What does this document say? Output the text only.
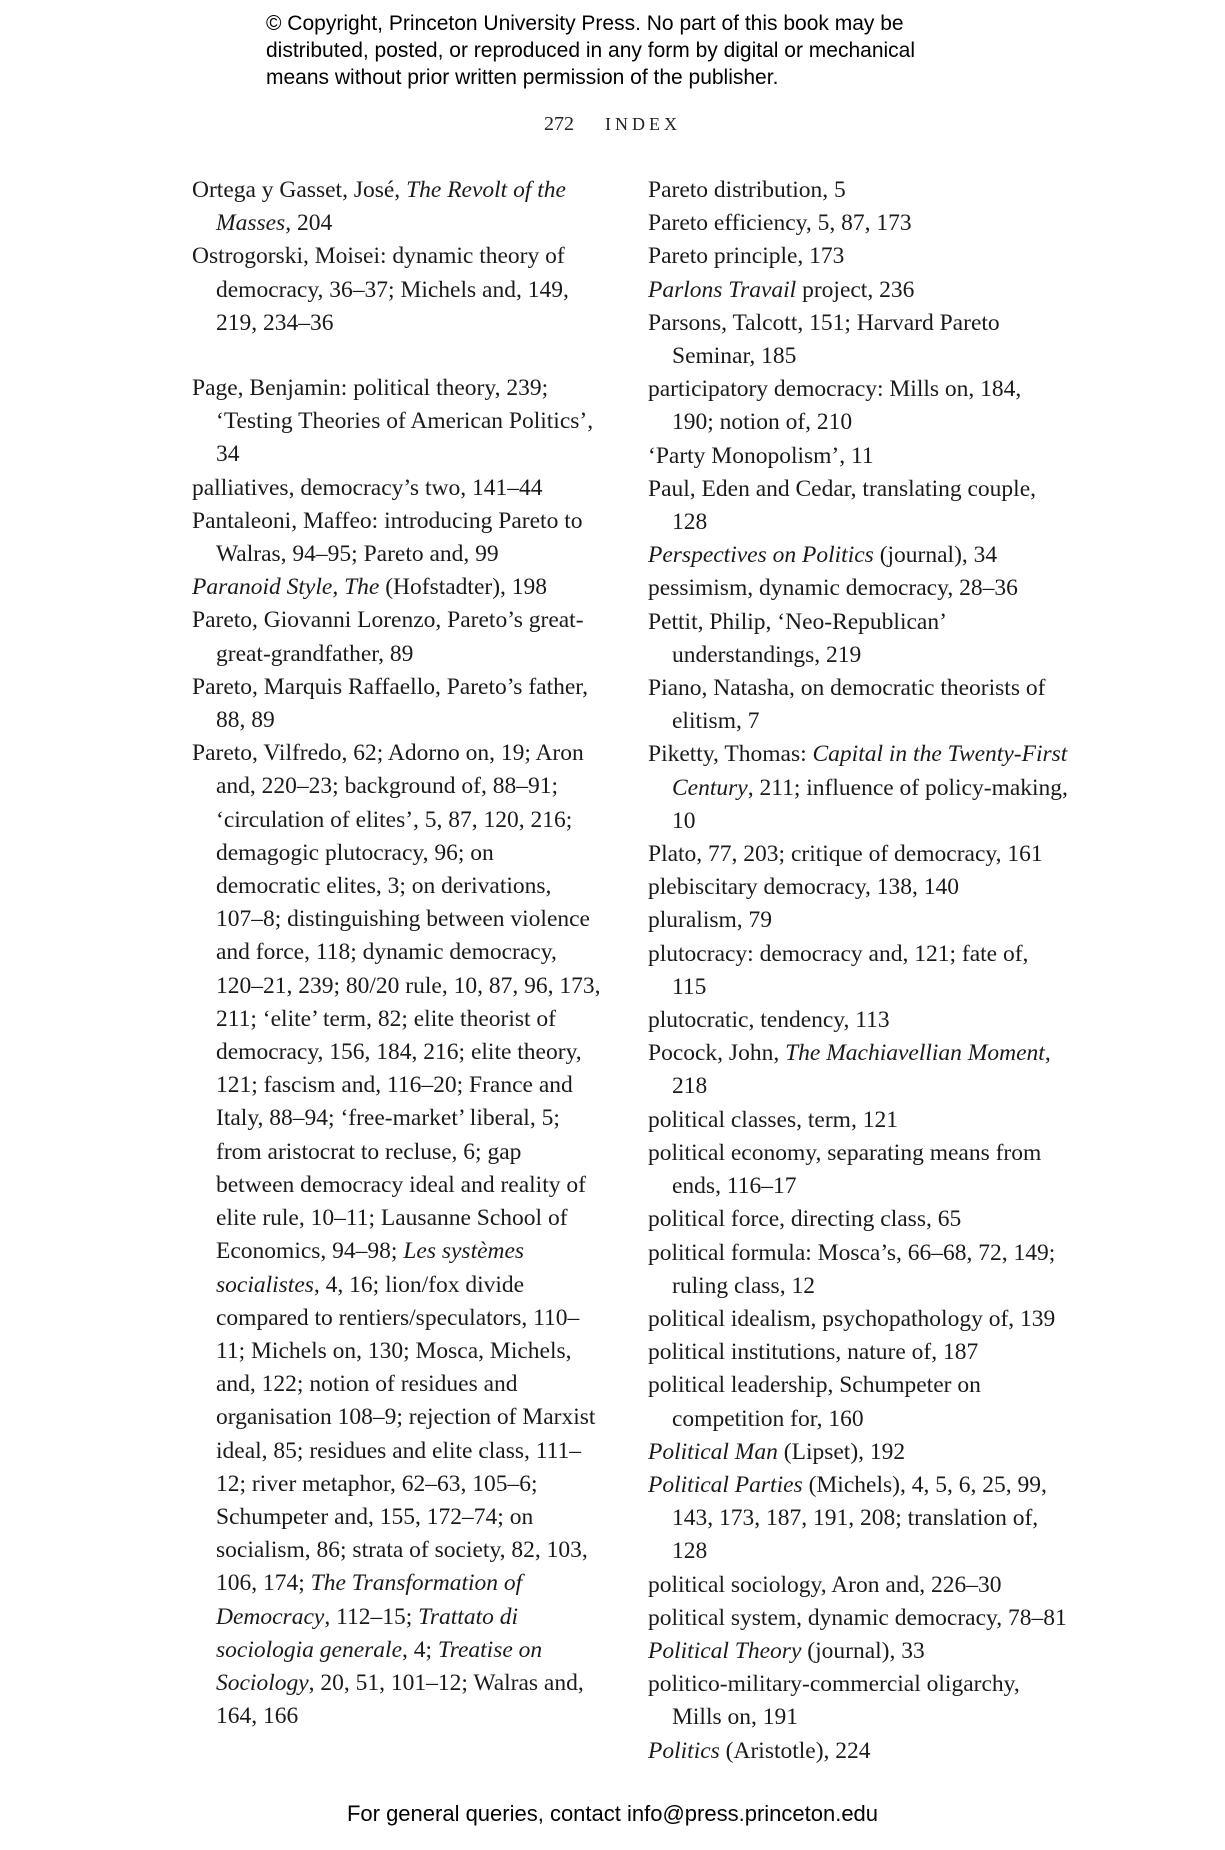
© Copyright, Princeton University Press. No part of this book may be
distributed, posted, or reproduced in any form by digital or mechanical
means without prior written permission of the publisher.
272 INDEX

Ortega y Gasset, José, The Revolt of the Masses, 204

Ostrogorski, Moisei: dynamic theory of democracy, 36–37; Michels and, 149, 219, 234–36

Page, Benjamin: political theory, 239; ‘Testing Theories of American Politics’, 34

palliatives, democracy’s two, 141–44

Pantaleoni, Maffeo: introducing Pareto to Walras, 94–95; Pareto and, 99

Paranoid Style, The (Hofstadter), 198

Pareto, Giovanni Lorenzo, Pareto’s great-great-grandfather, 89

Pareto, Marquis Raffaello, Pareto’s father, 88, 89

Pareto, Vilfredo, 62; Adorno on, 19; Aron and, 220–23; background of, 88–91; ‘circulation of elites’, 5, 87, 120, 216; demagogic plutocracy, 96; on democratic elites, 3; on derivations, 107–8; distinguishing between violence and force, 118; dynamic democracy, 120–21, 239; 80/20 rule, 10, 87, 96, 173, 211; ‘elite’ term, 82; elite theorist of democracy, 156, 184, 216; elite theory, 121; fascism and, 116–20; France and Italy, 88–94; ‘free-market’ liberal, 5; from aristocrat to recluse, 6; gap between democracy ideal and reality of elite rule, 10–11; Lausanne School of Economics, 94–98; Les systèmes socialistes, 4, 16; lion/fox divide compared to rentiers/speculators, 110–11; Michels on, 130; Mosca, Michels, and, 122; notion of residues and organisation 108–9; rejection of Marxist ideal, 85; residues and elite class, 111–12; river metaphor, 62–63, 105–6; Schumpeter and, 155, 172–74; on socialism, 86; strata of society, 82, 103, 106, 174; The Transformation of Democracy, 112–15; Trattato di sociologia generale, 4; Treatise on Sociology, 20, 51, 101–12; Walras and, 164, 166

Pareto distribution, 5

Pareto efficiency, 5, 87, 173

Pareto principle, 173

Parlons Travail project, 236

Parsons, Talcott, 151; Harvard Pareto Seminar, 185

participatory democracy: Mills on, 184, 190; notion of, 210

‘Party Monopolism’, 11

Paul, Eden and Cedar, translating couple, 128

Perspectives on Politics (journal), 34

pessimism, dynamic democracy, 28–36

Pettit, Philip, ‘Neo-Republican’ understandings, 219

Piano, Natasha, on democratic theorists of elitism, 7

Piketty, Thomas: Capital in the Twenty-First Century, 211; influence of policy-making, 10

Plato, 77, 203; critique of democracy, 161

plebiscitary democracy, 138, 140

pluralism, 79

plutocracy: democracy and, 121; fate of, 115

plutocratic, tendency, 113

Pocock, John, The Machiavellian Moment, 218

political classes, term, 121

political economy, separating means from ends, 116–17

political force, directing class, 65

political formula: Mosca’s, 66–68, 72, 149; ruling class, 12

political idealism, psychopathology of, 139

political institutions, nature of, 187

political leadership, Schumpeter on competition for, 160

Political Man (Lipset), 192

Political Parties (Michels), 4, 5, 6, 25, 99, 143, 173, 187, 191, 208; translation of, 128

political sociology, Aron and, 226–30

political system, dynamic democracy, 78–81

Political Theory (journal), 33

politico-military-commercial oligarchy, Mills on, 191

Politics (Aristotle), 224

For general queries, contact info@press.princeton.edu
